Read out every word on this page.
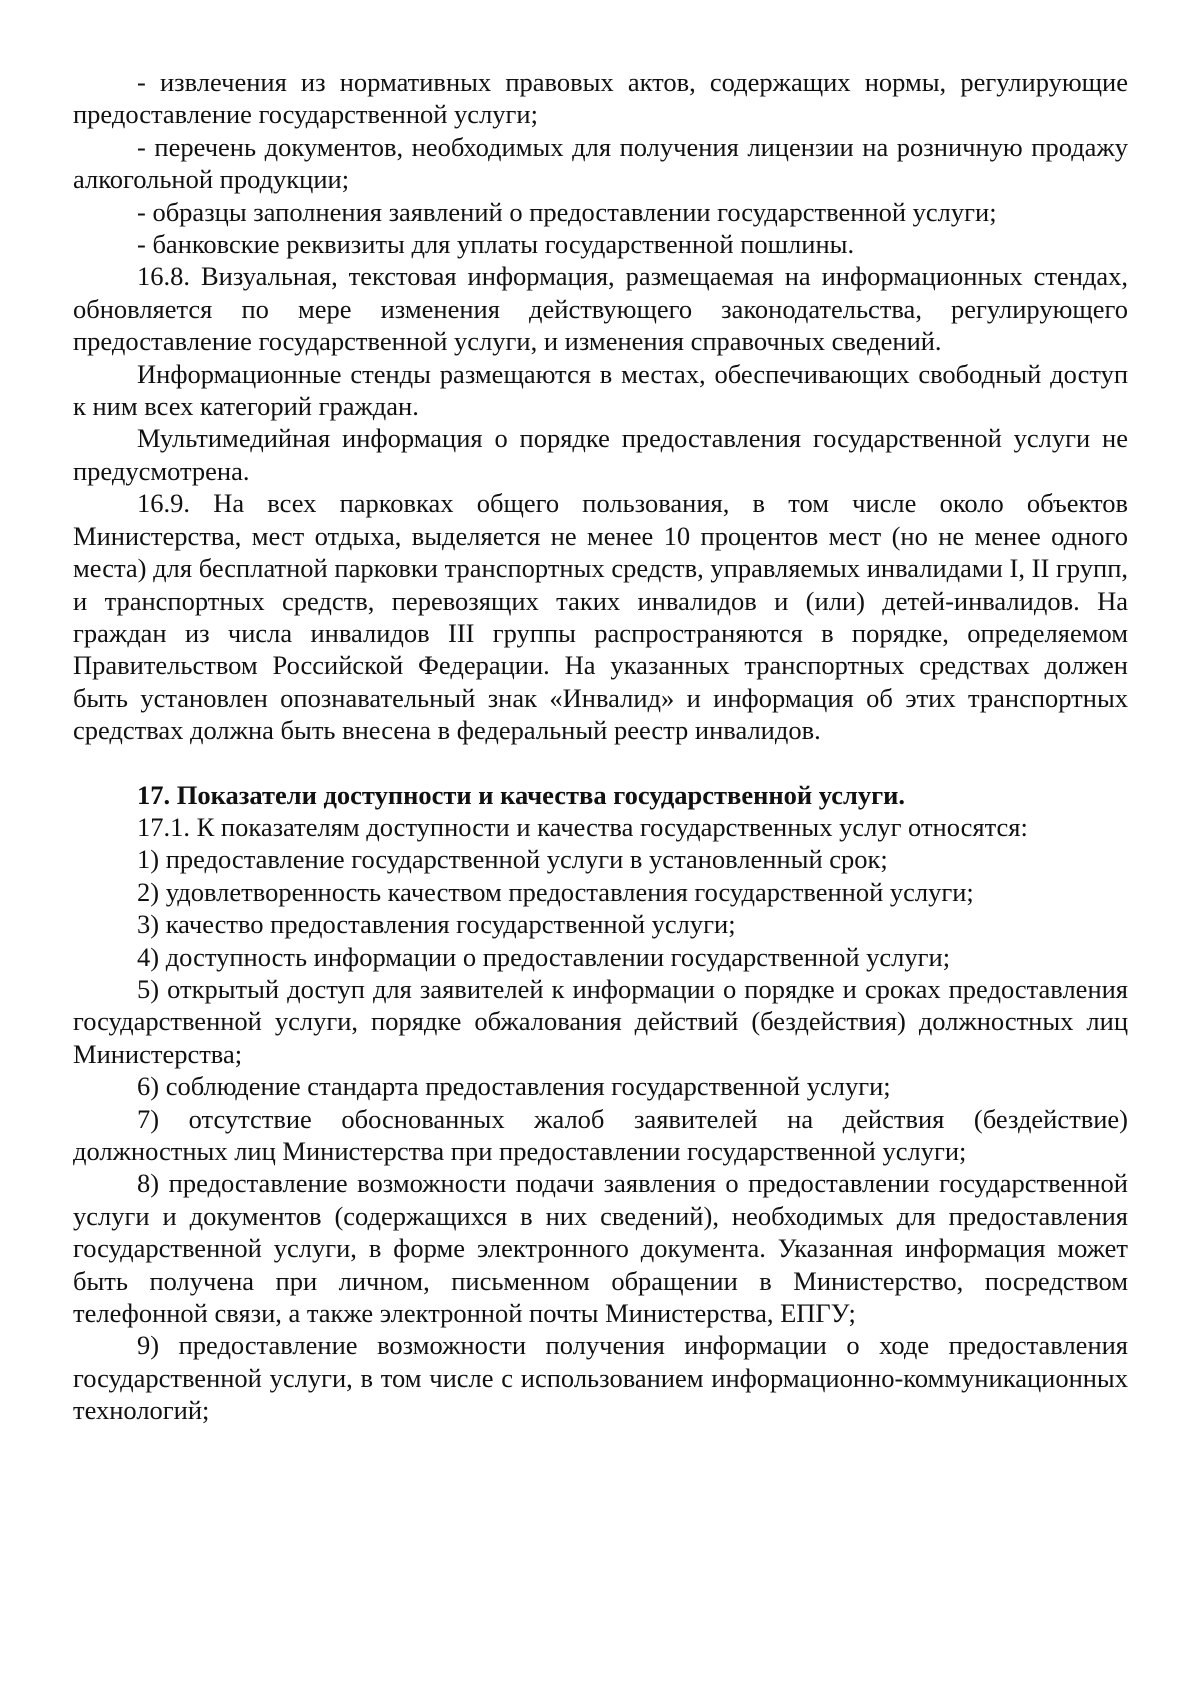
- извлечения из нормативных правовых актов, содержащих нормы, регулирующие предоставление государственной услуги;

- перечень документов, необходимых для получения лицензии на розничную продажу алкогольной продукции;

- образцы заполнения заявлений о предоставлении государственной услуги;

- банковские реквизиты для уплаты государственной пошлины.

16.8. Визуальная, текстовая информация, размещаемая на информационных стендах, обновляется по мере изменения действующего законодательства, регулирующего предоставление государственной услуги, и изменения справочных сведений.

Информационные стенды размещаются в местах, обеспечивающих свободный доступ к ним всех категорий граждан.

Мультимедийная информация о порядке предоставления государственной услуги не предусмотрена.

16.9. На всех парковках общего пользования, в том числе около объектов Министерства, мест отдыха, выделяется не менее 10 процентов мест (но не менее одного места) для бесплатной парковки транспортных средств, управляемых инвалидами I, II групп, и транспортных средств, перевозящих таких инвалидов и (или) детей-инвалидов. На граждан из числа инвалидов III группы распространяются в порядке, определяемом Правительством Российской Федерации. На указанных транспортных средствах должен быть установлен опознавательный знак «Инвалид» и информация об этих транспортных средствах должна быть внесена в федеральный реестр инвалидов.

17. Показатели доступности и качества государственной услуги.

17.1. К показателям доступности и качества государственных услуг относятся:

1) предоставление государственной услуги в установленный срок;

2) удовлетворенность качеством предоставления государственной услуги;

3) качество предоставления государственной услуги;

4) доступность информации о предоставлении государственной услуги;

5) открытый доступ для заявителей к информации о порядке и сроках предоставления государственной услуги, порядке обжалования действий (бездействия) должностных лиц Министерства;

6) соблюдение стандарта предоставления государственной услуги;

7) отсутствие обоснованных жалоб заявителей на действия (бездействие) должностных лиц Министерства при предоставлении государственной услуги;

8) предоставление возможности подачи заявления о предоставлении государственной услуги и документов (содержащихся в них сведений), необходимых для предоставления государственной услуги, в форме электронного документа. Указанная информация может быть получена при личном, письменном обращении в Министерство, посредством телефонной связи, а также электронной почты Министерства, ЕПГУ;

9) предоставление возможности получения информации о ходе предоставления государственной услуги, в том числе с использованием информационно-коммуникационных технологий;
